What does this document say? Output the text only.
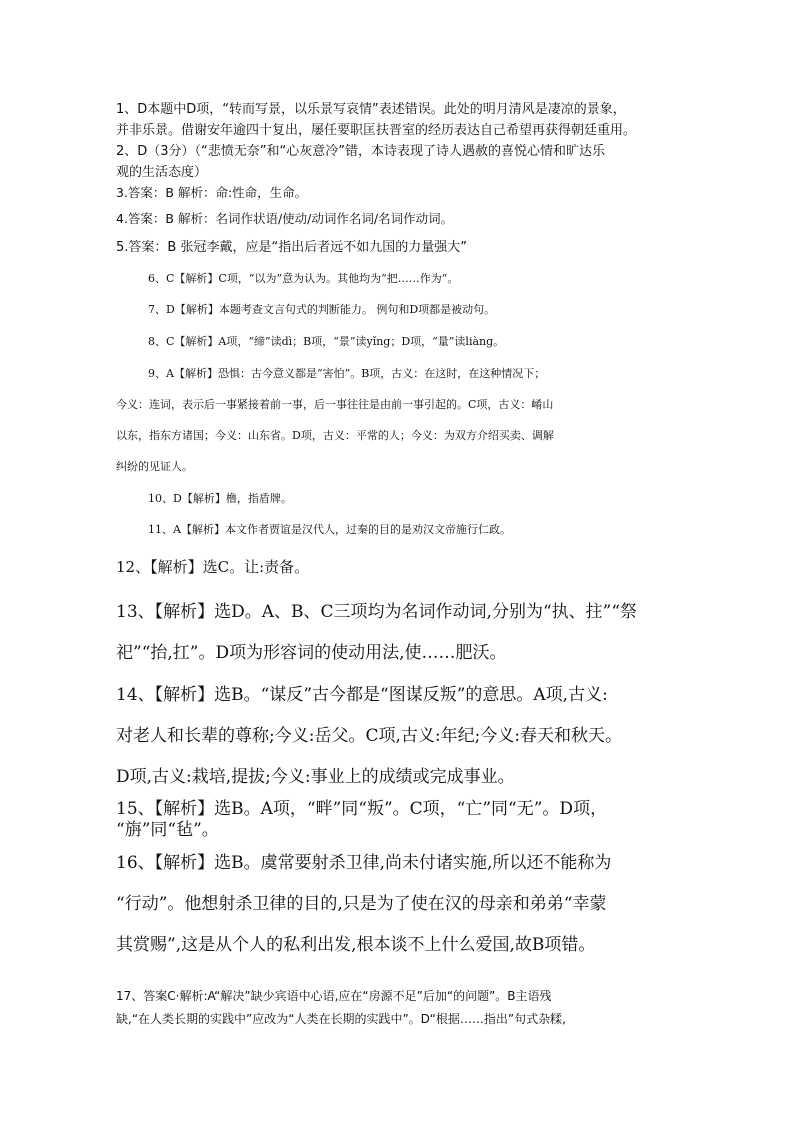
1、D本题中D项，“转而写景，以乐景写哀情”表述错误。此处的明月清风是凄凉的景象，
并非乐景。借谢安年逾四十复出，屡任要职匡扶晋室的经历表达自己希望再获得朝廷重用。
2、D（3分）（“悲愤无奈”和“心灰意冷”错，本诗表现了诗人遇赦的喜悦心情和旷达乐
观的生活态度）
3.答案：B 解析：命:性命，生命。
4.答案：B 解析：名词作状语/使动/动词作名词/名词作动词。
5.答案：B 张冠李戴，应是“指出后者远不如九国的力量强大”
6、C【解析】C项，“以为”意为认为。其他均为“把……作为”。
7、D【解析】本题考查文言句式的判断能力。 例句和D项都是被动句。
8、C【解析】A项，“缔”读dì；B项，“景”读yǐng；D项，“量”读liàng。
9、A【解析】恐惧：古今意义都是“害怕”。B项，古义：在这时，在这种情况下；
今义：连词，表示后一事紧接着前一事，后一事往往是由前一事引起的。C项，古义：崤山
以东，指东方诸国；今义：山东省。D项，古义：平常的人；今义：为双方介绍买卖、调解
纠纷的见证人。
10、D【解析】橹，指盾牌。
11、A【解析】本文作者贾谊是汉代人，过秦的目的是劝汉文帝施行仁政。
12、【解析】选C。让:责备。
13、【解析】选D。A、B、C三项均为名词作动词,分别为“执、拄”“祭
祀”“抬,扛”。D项为形容词的使动用法,使……肥沃。
14、【解析】选B。“谋反”古今都是“图谋反叛”的意思。A项,古义:
对老人和长辈的尊称;今义:岳父。C项,古义:年纪;今义:春天和秋天。
D项,古义:栽培,提拔;今义:事业上的成绩或完成事业。
15、【解析】选B。A项，“畔”同“叛”。C项，“亡”同“无”。D项，
“旃”同“毡”。
16、【解析】选B。虞常要射杀卫律,尚未付诸实施,所以还不能称为
“行动”。他想射杀卫律的目的,只是为了使在汉的母亲和弟弟“幸蒙
其赏赐”,这是从个人的私利出发,根本谈不上什么爱国,故B项错。
17、答案C·解析:A“解决”缺少宾语中心语,应在“房源不足”后加“的问题”。B主语残
缺,“在人类长期的实践中”应改为“人类在长期的实践中”。D“根据……指出”句式杂糅,
